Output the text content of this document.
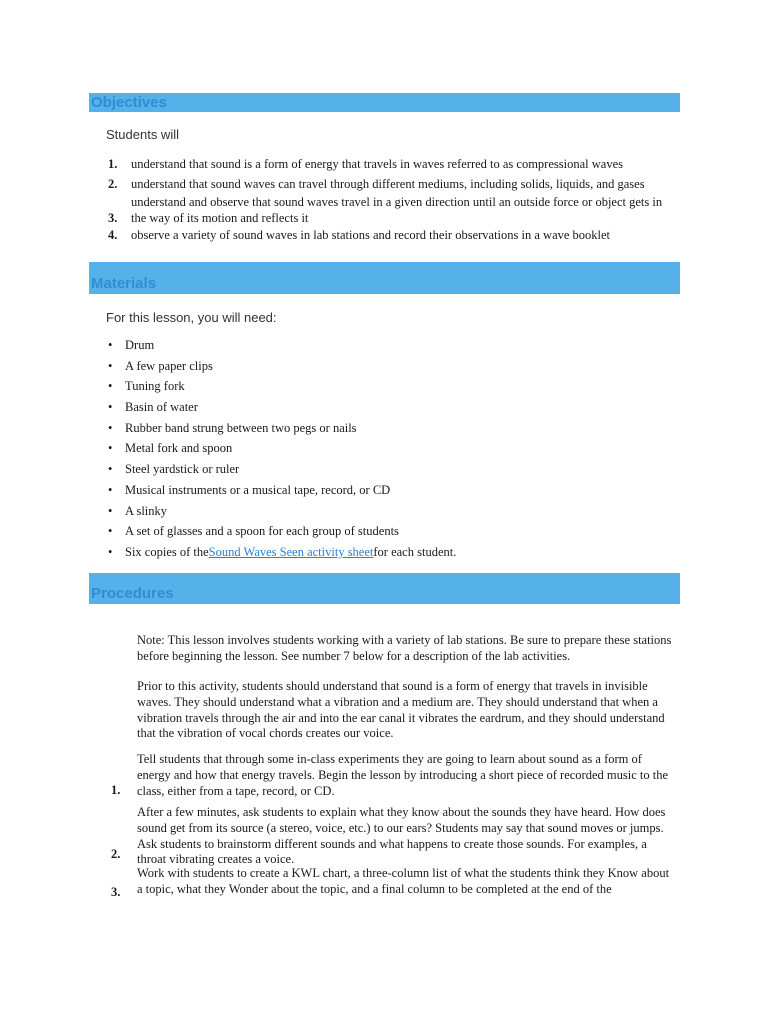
Objectives
Students will
1.	understand that sound is a form of energy that travels in waves referred to as compressional waves
2.	understand that sound waves can travel through different mediums, including solids, liquids, and gases
3.
understand and observe that sound waves travel in a given direction until an outside force or object gets in the way of its motion and reflects it
4.	observe a variety of sound waves in lab stations and record their observations in a wave booklet
Materials
For this lesson, you will need:
•	Drum
•	A few paper clips
•	Tuning fork
•	Basin of water
•	Rubber band strung between two pegs or nails
•	Metal fork and spoon
•	Steel yardstick or ruler
•	Musical instruments or a musical tape, record, or CD
•	A slinky
•	A set of glasses and a spoon for each group of students
•	Six copies of theSound Waves Seen activity sheetfor each student.
Procedures

Note: This lesson involves students working with a variety of lab stations. Be sure to prepare these stations before beginning the lesson. See number 7 below for a description of the lab activities.

Prior to this activity, students should understand that sound is a form of energy that travels in invisible waves. They should understand what a vibration and a medium are. They should understand that when a vibration travels through the air and into the ear canal it vibrates the eardrum, and they should understand that the vibration of vocal chords creates our voice.

1.

Tell students that through some in-class experiments they are going to learn about sound as a form of energy and how that energy travels. Begin the lesson by introducing a short piece of recorded music to the class, either from a tape, record, or CD.

2.

After a few minutes, ask students to explain what they know about the sounds they have heard. How does sound get from its source (a stereo, voice, etc.) to our ears? Students may say that sound moves or jumps. Ask students to brainstorm different sounds and what happens to create those sounds. For examples, a throat vibrating creates a voice.

3.

Work with students to create a KWL chart, a three-column list of what the students think they Know about a topic, what they Wonder about the topic, and a final column to be completed at the end of the
